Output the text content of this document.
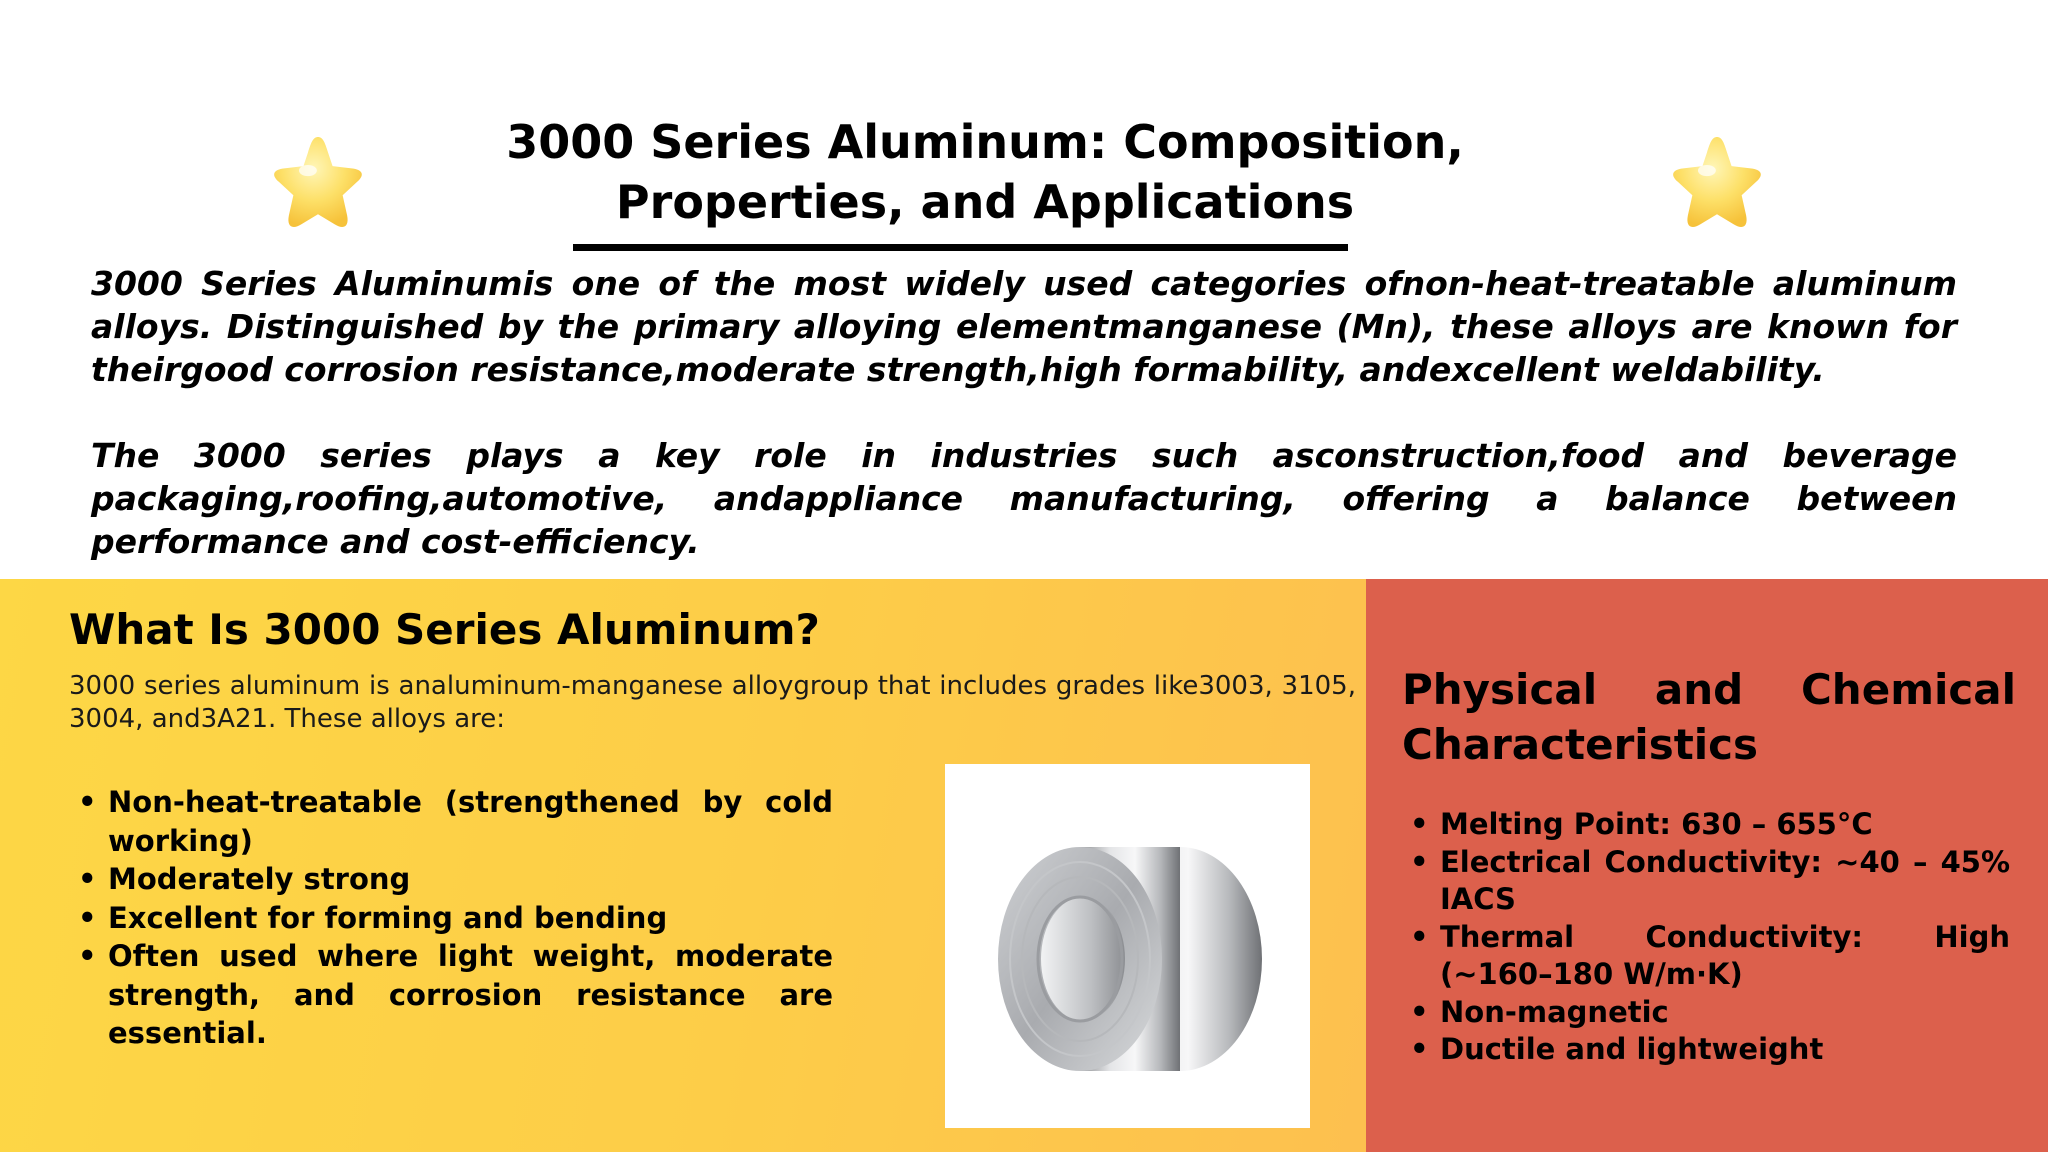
3000 Series Aluminum: Composition,
Properties, and Applications

3000 Series Aluminumis one of the most widely used categories ofnon-heat-treatable aluminum alloys. Distinguished by the primary alloying elementmanganese (Mn), these alloys are known for theirgood corrosion resistance,moderate strength,high formability, andexcellent weldability.

The 3000 series plays a key role in industries such asconstruction,food and beverage packaging,roofing,automotive, andappliance manufacturing, offering a balance between performance and cost-efficiency.

What Is 3000 Series Aluminum?

3000 series aluminum is analuminum-manganese alloygroup that includes grades like3003, 3105, 3004, and3A21. These alloys are:

• Non-heat-treatable (strengthened by cold working)
• Moderately strong
• Excellent for forming and bending
• Often used where light weight, moderate strength, and corrosion resistance are essential.
Physical and Chemical Characteristics
• Melting Point: 630 – 655°C
• Electrical Conductivity: ~40 – 45% IACS
• Thermal Conductivity: High (~160–180 W/m·K)
• Non-magnetic
• Ductile and lightweight
